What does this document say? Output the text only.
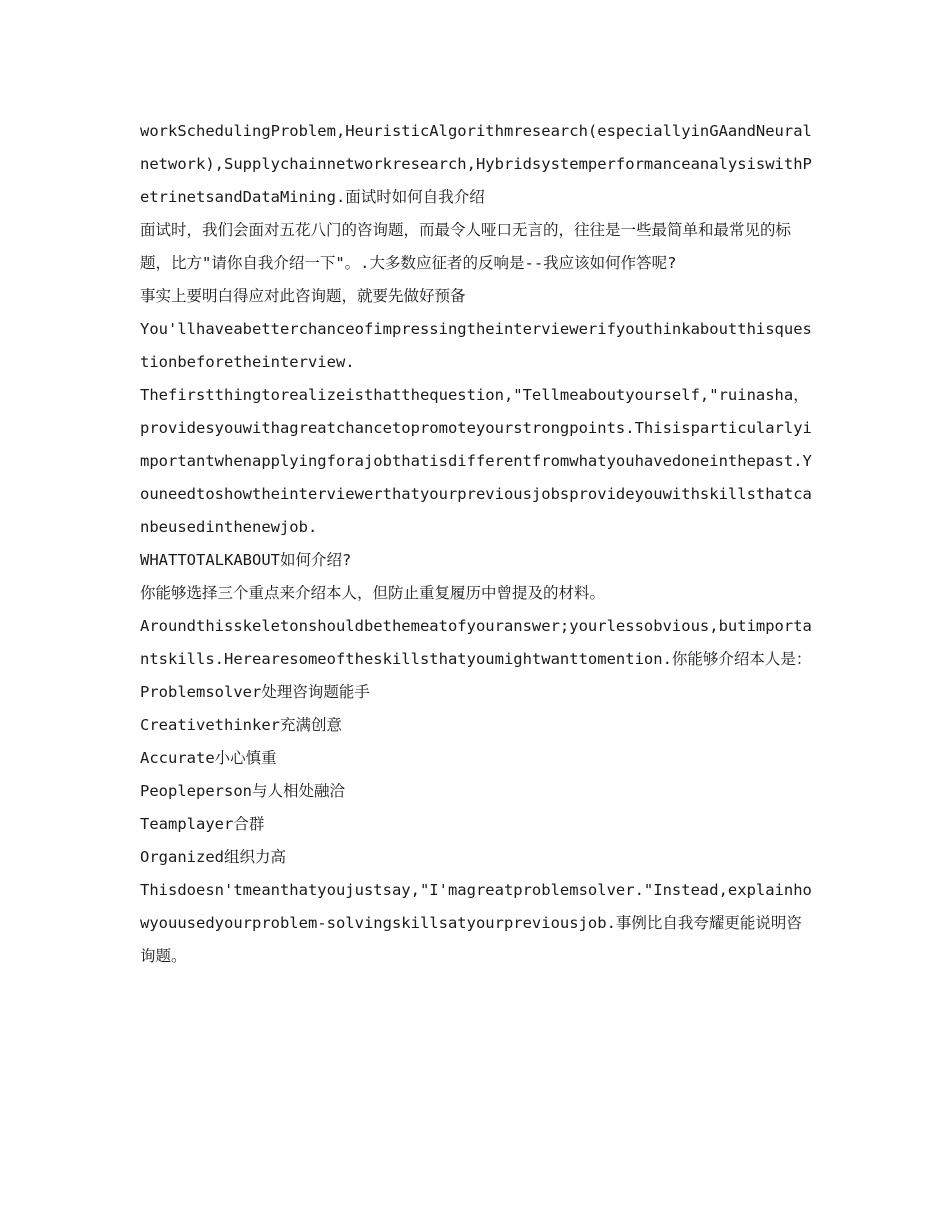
workSchedulingProblem,HeuristicAlgorithmresearch(especiallyinGAandNeuralnetwork),Supplychainnetworkresearch,HybridsystemperformanceanalysiswithPetrinetsandDataMining.面试时如何自我介绍

面试时，我们会面对五花八门的咨询题，而最令人哑口无言的，往往是一些最简单和最常见的标题，比方"请你自我介绍一下"。.大多数应征者的反响是--我应该如何作答呢?

事实上要明白得应对此咨询题，就要先做好预备

You'llhaveabetterchanceofimpressingtheinterviewerifyouthinkaboutthisquestionbeforetheinterview.

Thefirstthingtorealizeisthatthequestion,"Tellmeaboutyourself,"ruinasha，providesyouwithagreatchancetopromoteyourstrongpoints.Thisisparticularlyimportantwhenapplyingforajobthatisdifferentfromwhatyouhavedoneinthepast.Youneedtoshowtheinterviewerthatyourpreviousjobsprovideyouwithskillsthatcanbeusedinthenewjob.

WHATTOTALKABOUT如何介绍?

你能够选择三个重点来介绍本人，但防止重复履历中曾提及的材料。

Aroundthisskeletonshouldbethemeatofyouranswer;yourlessobvious,butimportantskills.Herearesomeoftheskillsthatyoumightwanttomention.你能够介绍本人是：

Problemsolver处理咨询题能手

Creativethinker充满创意

Accurate小心慎重

Peopleperson与人相处融洽

Teamplayer合群

Organized组织力高

Thisdoesn'tmeanthatyoujustsay,"I'magreatproblemsolver."Instead,explainhowyouusedyourproblem-solvingskillsatyourpreviousjob.事例比自我夸耀更能说明咨询题。
